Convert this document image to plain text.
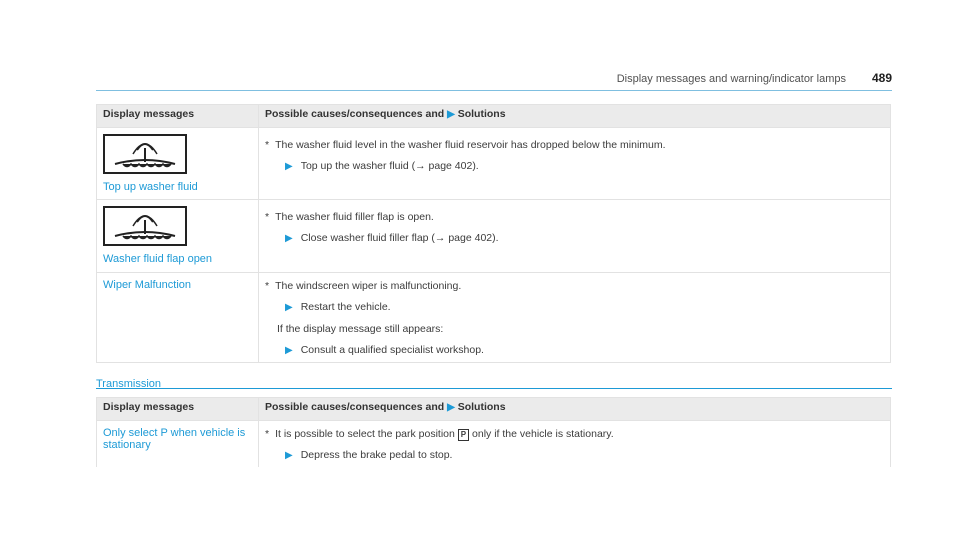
Display messages and warning/indicator lamps 489
Display messages	Possible causes/consequences and ▶ Solutions

Top up washer fluid	* The washer fluid level in the washer fluid reservoir has dropped below the minimum.
▶ Top up the washer fluid (→ page 402).

Washer fluid flap open	* The washer fluid filler flap is open.
▶ Close washer fluid filler flap (→ page 402).

Wiper Malfunction	* The windscreen wiper is malfunctioning.
▶ Restart the vehicle.
If the display message still appears:
▶ Consult a qualified specialist workshop.
Transmission
Display messages	Possible causes/consequences and ▶ Solutions

Only select P when vehicle is stationary	* It is possible to select the park position P only if the vehicle is stationary.
▶ Depress the brake pedal to stop.
